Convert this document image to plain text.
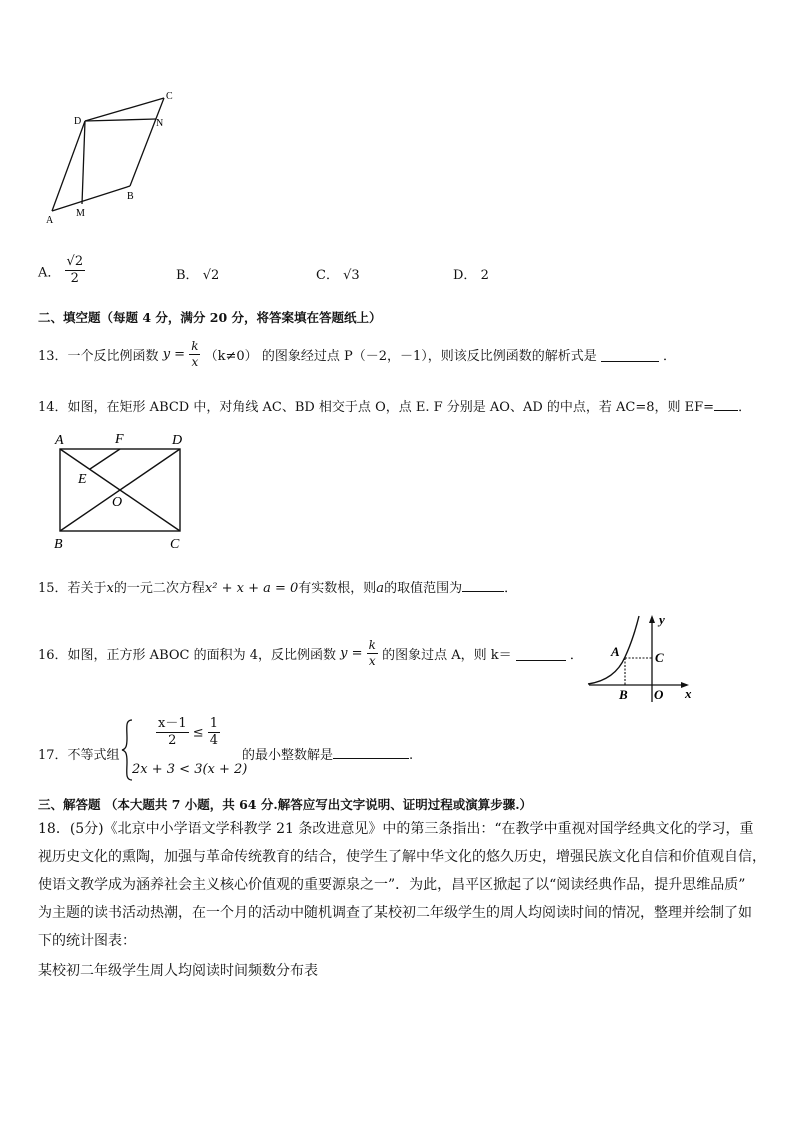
A
M
B
C
D	N
A． $\frac{√2}{2}$	B． √2	C． √3	D． 2
二、填空题（每题 4 分，满分 20 分，将答案填在答题纸上）
13．一个反比例函数 $y = \frac{k}{x} (k\ne 0)$ 的图象经过点 P（－2，－1），则该反比例函数的解析式是	．
14．如图，在矩形 ABCD 中，对角线 AC、BD 相交于点 O，点 E. F 分别是 AO、AD 的中点，若 AC=8，则 EF= ．
A	F	D
E
O
B	C
15．若关于x的一元二次方程x² + x + a = 0有实数根，则a的取值范围为	．
16．如图，正方形 ABOC 的面积为 4，反比例函数 $y = \frac{k}{x}$ 的图象过点 A，则 k＝	． A	C
B O x
y
17．不等式组
$\frac{x-1}{2} \le \frac{1}{4}$
2x + 3 < 3(x + 2)
的最小整数解是	.
三、解答题 （本大题共 7 小题，共 64 分.解答应写出文字说明、证明过程或演算步骤.）
18．(5分)《北京中小学语文学科教学 21 条改进意见》中的第三条指出：“在教学中重视对国学经典文化的学习，重
视历史文化的熏陶，加强与革命传统教育的结合，使学生了解中华文化的悠久历史，增强民族文化自信和价值观自信，
使语文教学成为涵养社会主义核心价值观的重要源泉之一”．为此，昌平区掀起了以“阅读经典作品，提升思维品质”
为主题的读书活动热潮，在一个月的活动中随机调查了某校初二年级学生的周人均阅读时间的情况，整理并绘制了如
下的统计图表：
某校初二年级学生周人均阅读时间频数分布表
